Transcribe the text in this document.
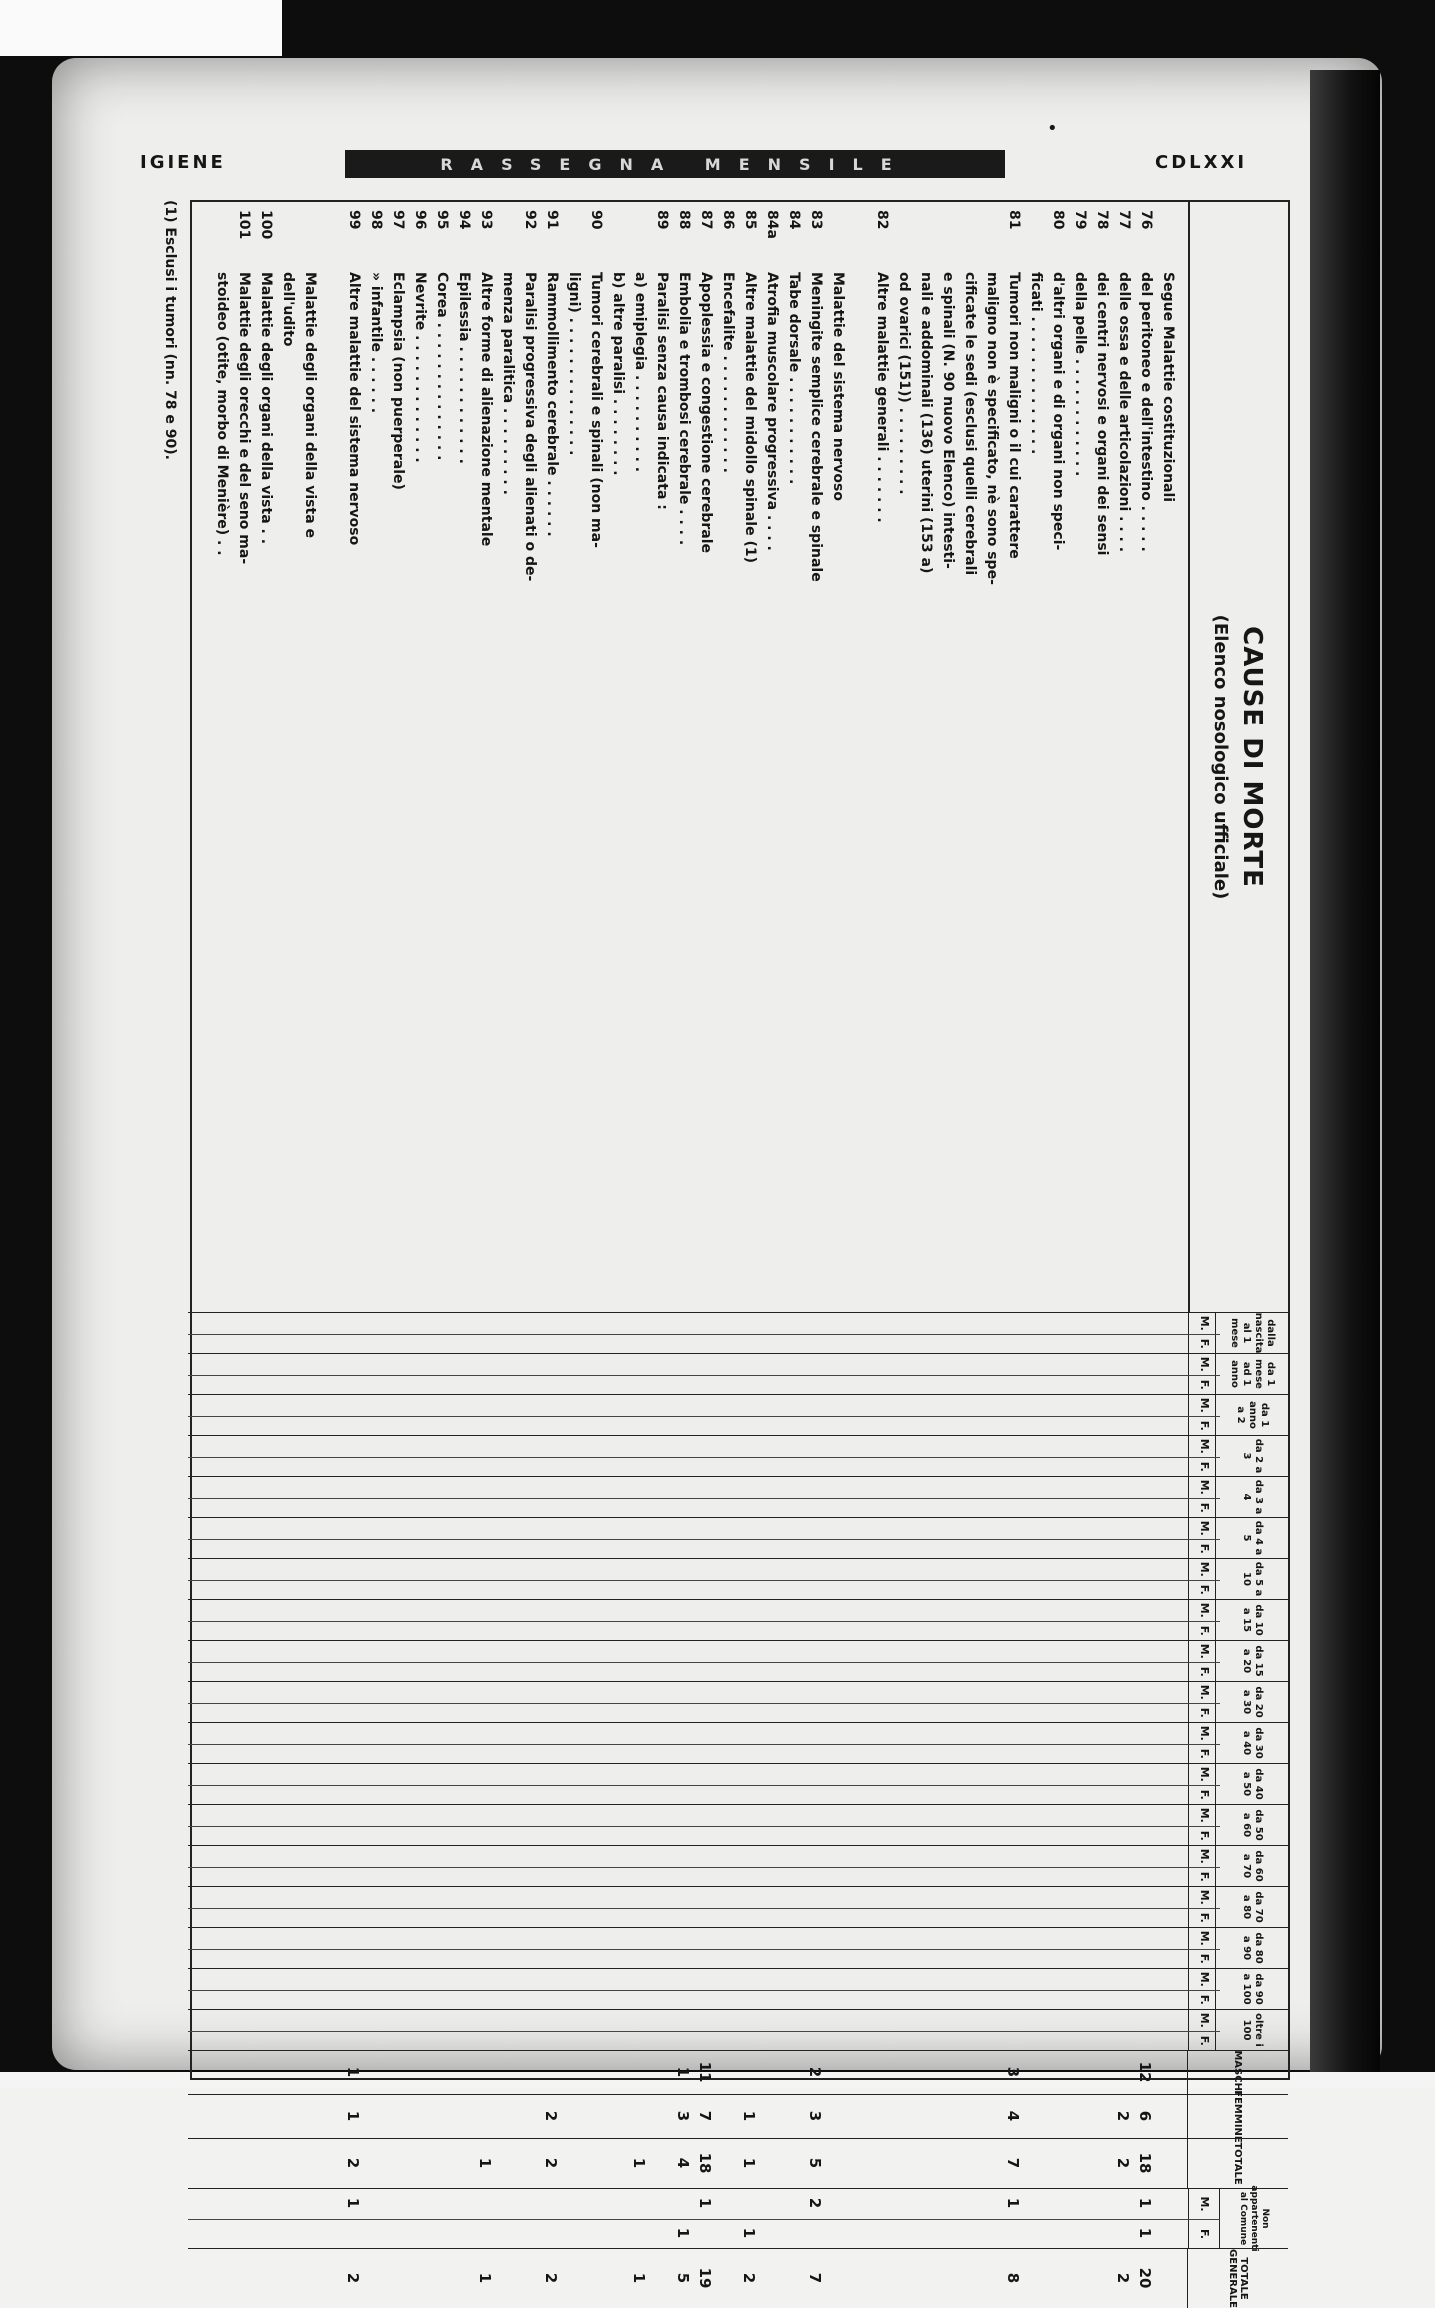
•
IGIENE	RASSEGNA MENSILE	CDLXXI
CAUSE DI MORTE
(Elenco nosologico ufficiale)
dalla nascita al 1 mese
M.
F.
da 1 mese ad 1 anno
M.
F.
da 1 anno a 2
M.
F.
da 2 a 3
M.
F.
da 3 a 4
M.
F.
da 4 a 5
M.
F.
da 5 a 10
M.
F.
da 10 a 15
M.
F.
da 15 a 20
M.
F.
da 20 a 30
M.
F.
da 30 a 40
M.
F.
da 40 a 50
M.
F.
da 50 a 60
M.
F.
da 60 a 70
M.
F.
da 70 a 80
M.
F.
da 80 a 90
M.
F.
da 90 a 100
M.
F.
oltre i 100
M.
F.
MASCHI
FEMMINE
TOTALE
Non appartenenti al Comune
M.
F.
TOTALE GENERALE
Segue Malattie costituzionali
76
del peritoneo e dell'intestino . . . . .
77
delle ossa e delle articolazioni . . . .
78
dei centri nervosi e organi dei sensi
79
della pelle . . . . . . . . . . . .
80
d'altri organi e di organi non speci-
ficati . . . . . . . . . . . . . .
81
Tumori non maligni o il cui carattere
maligno non è specificato, nè sono spe-
cificate le sedi (esclusi quelli cerebrali
e spinali (N. 90 nuovo Elenco) intesti-
nali e addominali (136) uterini (153 a)
od ovarici (151)) . . . . . . . . .
82
Altre malattie generali . . . . . . .
Malattie del sistema nervoso
83
Meningite semplice cerebrale e spinale
84
Tabe dorsale . . . . . . . . . . .
84a
Atrofia muscolare progressiva . . . .
85
Altre malattie del midollo spinale (1)
86
Encefalite . . . . . . . . . . . .
87
Apoplessia e congestione cerebrale
88
Embolia e trombosi cerebrale . . . .
89
Paralisi senza causa indicata :
a) emiplegia . . . . . . . . . .
b) altre paralisi . . . . . . . .
90
Tumori cerebrali e spinali (non ma-
ligni) . . . . . . . . . . . . . .
91
Rammollimento cerebrale . . . . . .
92
Paralisi progressiva degli alienati o de-
menza paralitica . . . . . . . . .
93
Altre forme di alienazione mentale
94
Epilessia . . . . . . . . . . . .
95
Corea . . . . . . . . . . . . . .
96
Nevrite . . . . . . . . . . . . .
97
Eclampsia (non puerperale)
98
» infantile . . . . . .
99
Altre malattie del sistema nervoso
Malattie degli organi della vista e
dell'udito
100
Malattie degli organi della vista . .
101
Malattie degli orecchi e del seno ma-
stoideo (otite, morbo di Menière) . .
12
6
18
20
1
1
2
2
2
3
4
7
8
1
2
3
5
7
2
1
1
2
1
11
7
18
19
1
1
3
4
5
1
1
1
2
2
2
1
1
1
1
2
2
1
(1) Esclusi i tumori (nn. 78 e 90).
